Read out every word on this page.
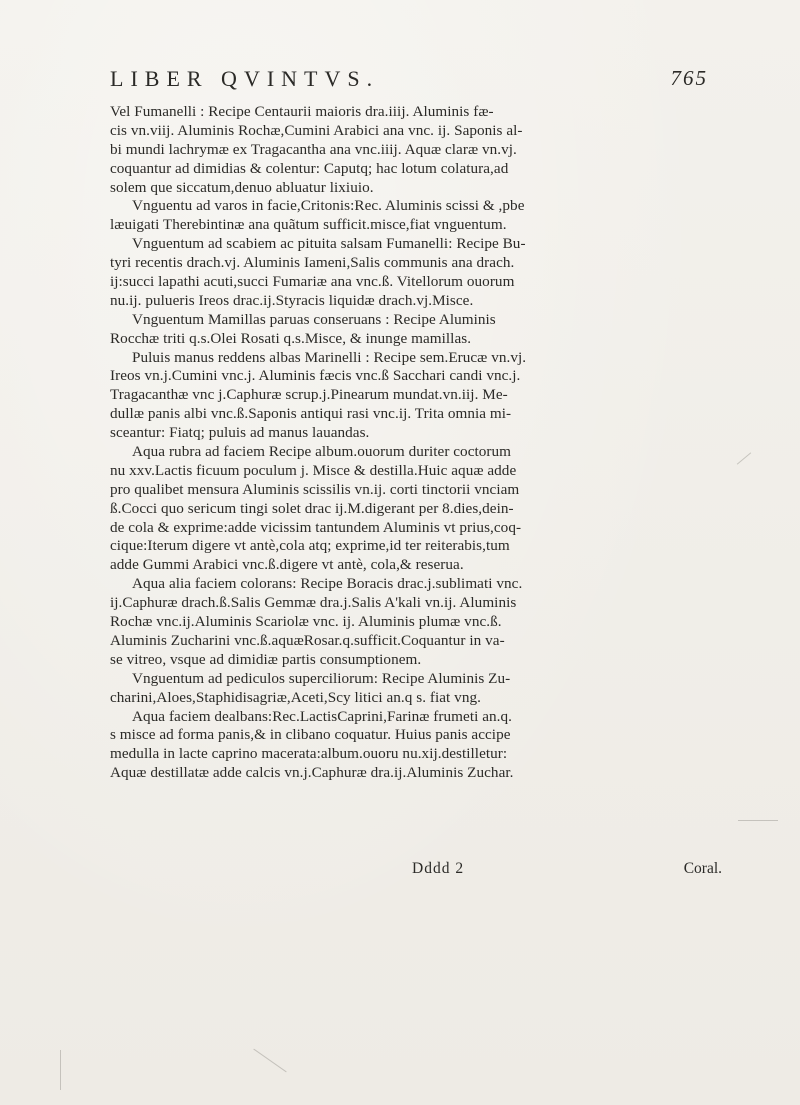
LIBER QVINTVS.	765
Vel Fumanelli : Recipe Centaurii maioris dra.iiij. Aluminis fæ-
cis vn.viij. Aluminis Rochæ,Cumini Arabici ana vnc. ij. Saponis al-
bi mundi lachrymæ ex Tragacantha ana vnc.iiij. Aquæ claræ vn.vj.
coquantur ad dimidias & colentur: Caputq; hac lotum colatura,ad
solem que siccatum,denuo abluatur lixiuio.
Vnguentu ad varos in facie,Critonis:Rec. Aluminis scissi & ,pbe
læuigati Therebintinæ ana quãtum sufficit.misce,fiat vnguentum.
Vnguentum ad scabiem ac pituita salsam Fumanelli: Recipe Bu-
tyri recentis drach.vj. Aluminis Iameni,Salis communis ana drach.
ij:succi lapathi acuti,succi Fumariæ ana vnc.ß. Vitellorum ouorum
nu.ij. pulueris Ireos drac.ij.Styracis liquidæ drach.vj.Misce.
Vnguentum Mamillas paruas conseruans : Recipe Aluminis
Rocchæ triti q.s.Olei Rosati q.s.Misce, & inunge mamillas.
Puluis manus reddens albas Marinelli : Recipe sem.Erucæ vn.vj.
Ireos vn.j.Cumini vnc.j. Aluminis fæcis vnc.ß Sacchari candi vnc.j.
Tragacanthæ vnc j.Caphuræ scrup.j.Pinearum mundat.vn.iij. Me-
dullæ panis albi vnc.ß.Saponis antiqui rasi vnc.ij. Trita omnia mi-
sceantur: Fiatq; puluis ad manus lauandas.
Aqua rubra ad faciem Recipe album.ouorum duriter coctorum
nu xxv.Lactis ficuum poculum j. Misce & destilla.Huic aquæ adde
pro qualibet mensura Aluminis scissilis vn.ij. corti tinctorii vnciam
ß.Cocci quo sericum tingi solet drac ij.M.digerant per 8.dies,dein-
de cola & exprime:adde vicissim tantundem Aluminis vt prius,coq-
cique:Iterum digere vt antè,cola atq; exprime,id ter reiterabis,tum
adde Gummi Arabici vnc.ß.digere vt antè, cola,& reserua.
Aqua alia faciem colorans: Recipe Boracis drac.j.sublimati vnc.
ij.Caphuræ drach.ß.Salis Gemmæ dra.j.Salis A'kali vn.ij. Aluminis
Rochæ vnc.ij.Aluminis Scariolæ vnc. ij. Aluminis plumæ vnc.ß.
Aluminis Zucharini vnc.ß.aquæRosar.q.sufficit.Coquantur in va-
se vitreo, vsque ad dimidiæ partis consumptionem.
Vnguentum ad pediculos superciliorum: Recipe Aluminis Zu-
charini,Aloes,Staphidisagriæ,Aceti,Scy litici an.q s. fiat vng.
Aqua faciem dealbans:Rec.LactisCaprini,Farinæ frumeti an.q.
s misce ad forma panis,& in clibano coquatur. Huius panis accipe
medulla in lacte caprino macerata:album.ouoru nu.xij.destilletur:
Aquæ destillatæ adde calcis vn.j.Caphuræ dra.ij.Aluminis Zuchar.
Dddd 2	Coral.
